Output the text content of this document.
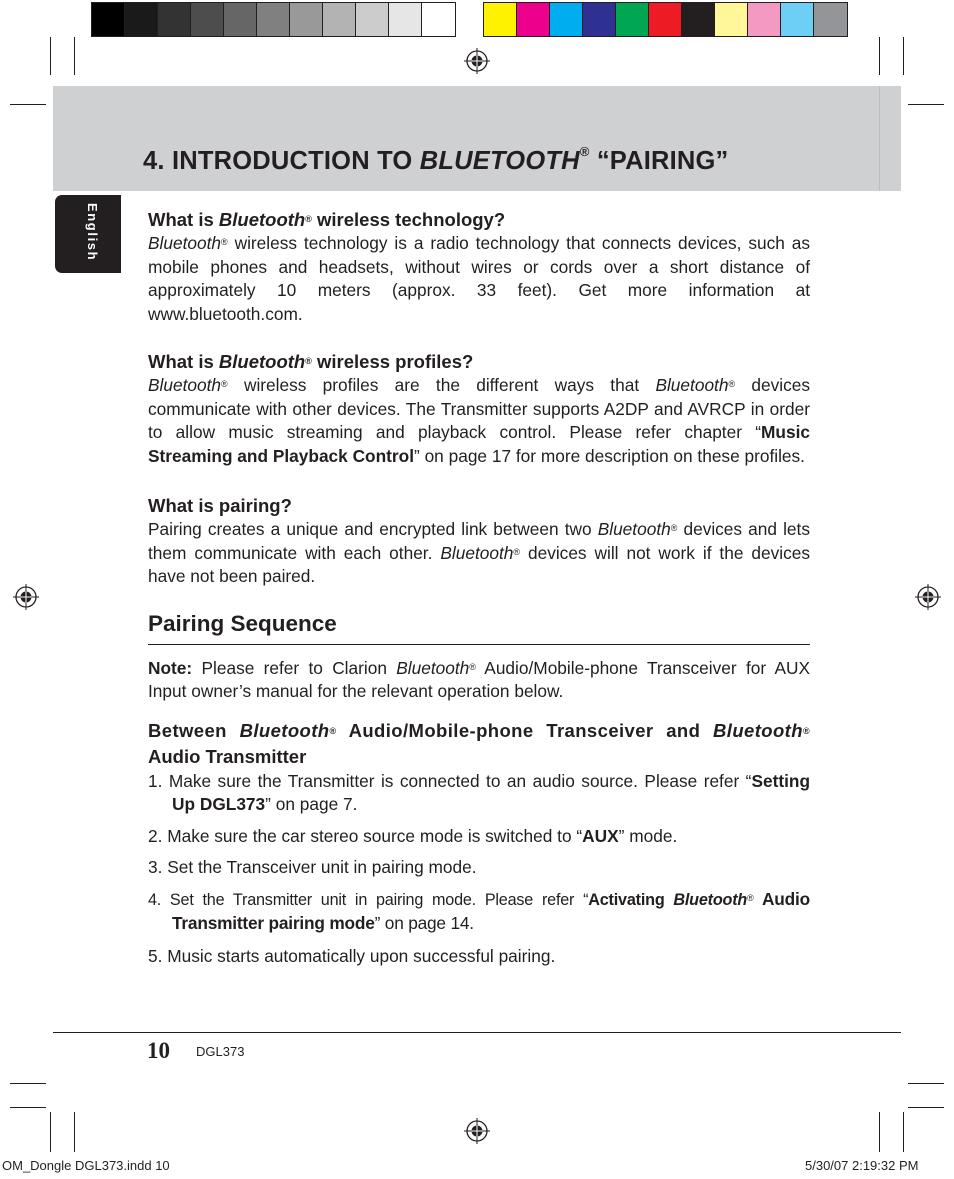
4. INTRODUCTION TO BLUETOOTH® “PAIRING”
English	What is Bluetooth® wireless technology?

Bluetooth® wireless technology is a radio technology that connects devices, such as mobile phones and headsets, without wires or cords over a short distance of approximately 10 meters (approx. 33 feet). Get more information at www.bluetooth.com.

What is Bluetooth® wireless profiles?

Bluetooth® wireless profiles are the different ways that Bluetooth® devices communicate with other devices. The Transmitter supports A2DP and AVRCP in order to allow music streaming and playback control. Please refer chapter “Music Streaming and Playback Control” on page 17 for more description on these profiles.

What is pairing?

Pairing creates a unique and encrypted link between two Bluetooth® devices and lets them communicate with each other. Bluetooth® devices will not work if the devices have not been paired.

Pairing Sequence

Note: Please refer to Clarion Bluetooth® Audio/Mobile-phone Transceiver for AUX Input owner’s manual for the relevant operation below.

Between Bluetooth® Audio/Mobile-phone Transceiver and Bluetooth® Audio Transmitter
1. Make sure the Transmitter is connected to an audio source. Please refer “Setting Up DGL373” on page 7.
2. Make sure the car stereo source mode is switched to “AUX” mode.
3. Set the Transceiver unit in pairing mode.
4. Set the Transmitter unit in pairing mode. Please refer “Activating Bluetooth® Audio Transmitter pairing mode” on page 14.
5. Music starts automatically upon successful pairing.
10 DGL373
OM_Dongle DGL373.indd 10	5/30/07 2:19:32 PM
